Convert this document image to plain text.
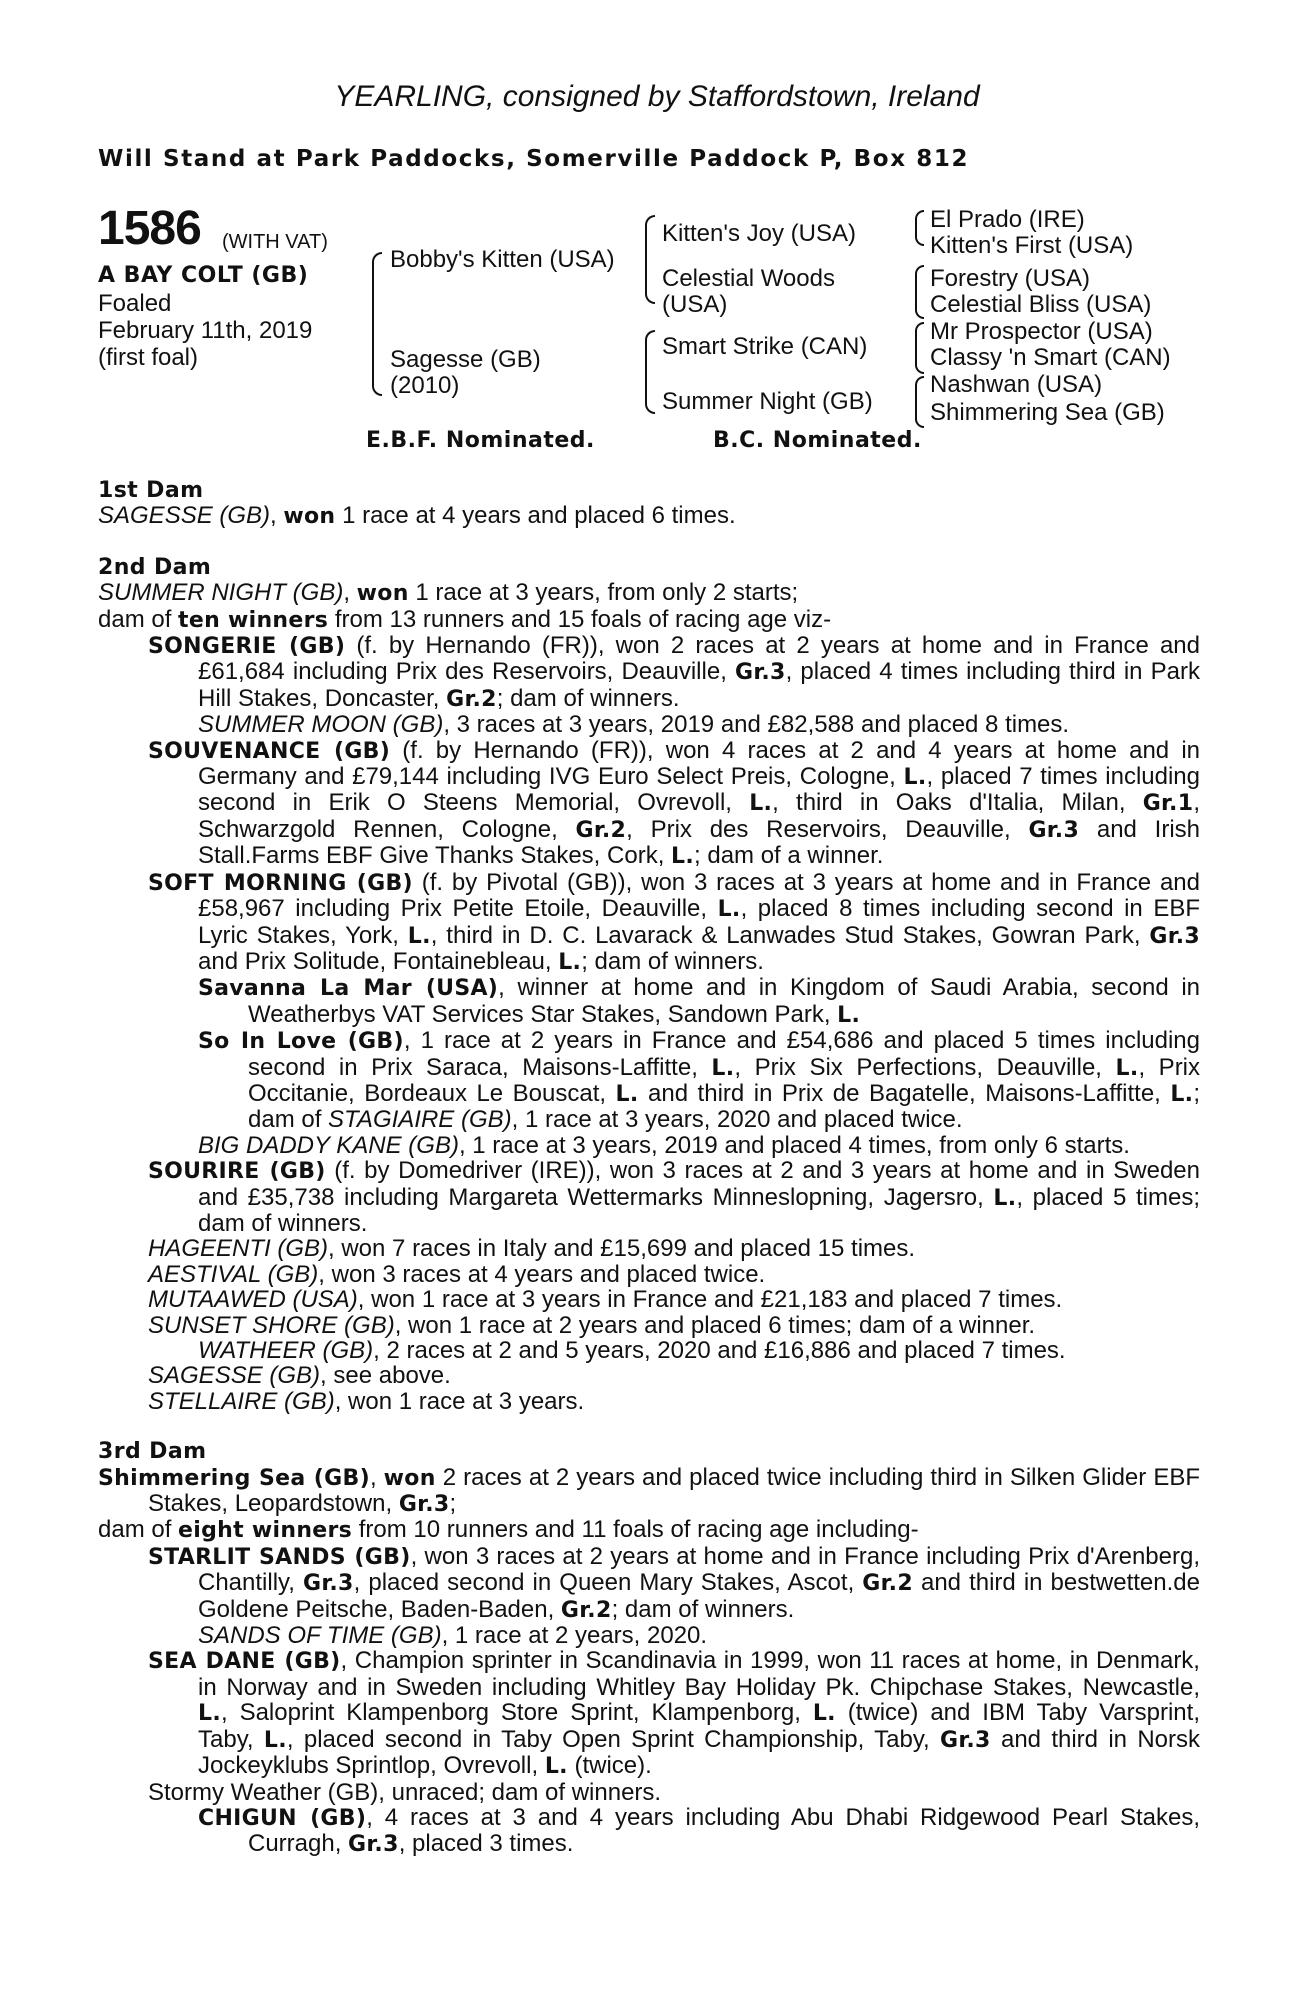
YEARLING, consigned by Staffordstown, Ireland
Will Stand at Park Paddocks, Somerville Paddock P, Box 812
1586 (WITH VAT)
A BAY COLT (GB)
Foaled
February 11th, 2019
(first foal)
Bobby's Kitten (USA)
Sagesse (GB)
(2010)
Kitten's Joy (USA)
Celestial Woods
(USA)
Smart Strike (CAN)
Summer Night (GB)
El Prado (IRE)
Kitten's First (USA)
Forestry (USA)
Celestial Bliss (USA)
Mr Prospector (USA)
Classy 'n Smart (CAN)
Nashwan (USA)
Shimmering Sea (GB)
E.B.F. Nominated.	B.C. Nominated.
1st Dam
SAGESSE (GB), won 1 race at 4 years and placed 6 times.
2nd Dam
SUMMER NIGHT (GB), won 1 race at 3 years, from only 2 starts;
dam of ten winners from 13 runners and 15 foals of racing age viz-
SONGERIE (GB) (f. by Hernando (FR)), won 2 races at 2 years at home and in France and £61,684 including Prix des Reservoirs, Deauville, Gr.3, placed 4 times including third in Park Hill Stakes, Doncaster, Gr.2; dam of winners.
SUMMER MOON (GB), 3 races at 3 years, 2019 and £82,588 and placed 8 times.
SOUVENANCE (GB) (f. by Hernando (FR)), won 4 races at 2 and 4 years at home and in Germany and £79,144 including IVG Euro Select Preis, Cologne, L., placed 7 times including second in Erik O Steens Memorial, Ovrevoll, L., third in Oaks d'Italia, Milan, Gr.1, Schwarzgold Rennen, Cologne, Gr.2, Prix des Reservoirs, Deauville, Gr.3 and Irish Stall.Farms EBF Give Thanks Stakes, Cork, L.; dam of a winner.
SOFT MORNING (GB) (f. by Pivotal (GB)), won 3 races at 3 years at home and in France and £58,967 including Prix Petite Etoile, Deauville, L., placed 8 times including second in EBF Lyric Stakes, York, L., third in D. C. Lavarack & Lanwades Stud Stakes, Gowran Park, Gr.3 and Prix Solitude, Fontainebleau, L.; dam of winners.
Savanna La Mar (USA), winner at home and in Kingdom of Saudi Arabia, second in Weatherbys VAT Services Star Stakes, Sandown Park, L.
So In Love (GB), 1 race at 2 years in France and £54,686 and placed 5 times including second in Prix Saraca, Maisons-Laffitte, L., Prix Six Perfections, Deauville, L., Prix Occitanie, Bordeaux Le Bouscat, L. and third in Prix de Bagatelle, Maisons-Laffitte, L.; dam of STAGIAIRE (GB), 1 race at 3 years, 2020 and placed twice.
BIG DADDY KANE (GB), 1 race at 3 years, 2019 and placed 4 times, from only 6 starts.
SOURIRE (GB) (f. by Domedriver (IRE)), won 3 races at 2 and 3 years at home and in Sweden and £35,738 including Margareta Wettermarks Minneslopning, Jagersro, L., placed 5 times; dam of winners.
HAGEENTI (GB), won 7 races in Italy and £15,699 and placed 15 times.
AESTIVAL (GB), won 3 races at 4 years and placed twice.
MUTAAWED (USA), won 1 race at 3 years in France and £21,183 and placed 7 times.
SUNSET SHORE (GB), won 1 race at 2 years and placed 6 times; dam of a winner.
WATHEER (GB), 2 races at 2 and 5 years, 2020 and £16,886 and placed 7 times.
SAGESSE (GB), see above.
STELLAIRE (GB), won 1 race at 3 years.
3rd Dam
Shimmering Sea (GB), won 2 races at 2 years and placed twice including third in Silken Glider EBF Stakes, Leopardstown, Gr.3;
dam of eight winners from 10 runners and 11 foals of racing age including-
STARLIT SANDS (GB), won 3 races at 2 years at home and in France including Prix d'Arenberg, Chantilly, Gr.3, placed second in Queen Mary Stakes, Ascot, Gr.2 and third in bestwetten.de Goldene Peitsche, Baden-Baden, Gr.2; dam of winners.
SANDS OF TIME (GB), 1 race at 2 years, 2020.
SEA DANE (GB), Champion sprinter in Scandinavia in 1999, won 11 races at home, in Denmark, in Norway and in Sweden including Whitley Bay Holiday Pk. Chipchase Stakes, Newcastle, L., Saloprint Klampenborg Store Sprint, Klampenborg, L. (twice) and IBM Taby Varsprint, Taby, L., placed second in Taby Open Sprint Championship, Taby, Gr.3 and third in Norsk Jockeyklubs Sprintlop, Ovrevoll, L. (twice).
Stormy Weather (GB), unraced; dam of winners.
CHIGUN (GB), 4 races at 3 and 4 years including Abu Dhabi Ridgewood Pearl Stakes, Curragh, Gr.3, placed 3 times.
